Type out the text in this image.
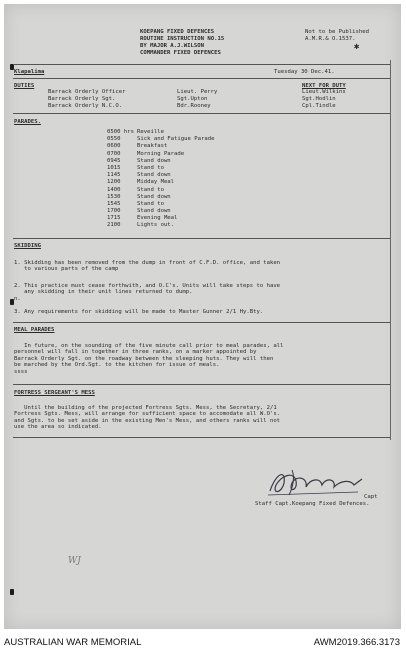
KOEPANG FIXED DEFENCES
ROUTINE INSTRUCTION NO.15
BY MAJOR A.J.WILSON
COMMANDER FIXED DEFENCES
Not to be Published
A.M.R.& O.1537.
✱
Klapalima	Tuesday 30 Dec.41.
DUTIES	NEXT FOR DUTY
Barrack Orderly Officer	Lieut. Perry	Lieut.Wilkins
Barrack Orderly Sgt.	Sgt.Upton	Sgt.Hodlin
Barrack Orderly N.C.O.	Bdr.Rooney	Cpl.Tindle
PARADES.
0500 hrs Reveille
0550	Sick and Fatigue Parade
0600	Breakfast
0700	Morning Parade
0945	Stand down
1015	Stand to
1145	Stand down
1200	Midday Meal
1400	Stand to
1530	Stand down
1545	Stand to
1700	Stand down
1715	Evening Meal
2100	Lights out.
SKIDDING
1. Skidding has been removed from the dump in front of C.F.D. office, and taken
to various parts of the camp
2. This practice must cease forthwith, and O.C's. Units will take steps to have
any skidding in their unit lines returned to dump.
n.
3. Any requirements for skidding will be made to Master Gunner 2/1 Hy.Bty.
MEAL PARADES
In future, on the sounding of the five minute call prior to meal parades, all
personnel will fall in together in three ranks, on a marker appointed by
Barrack Orderly Sgt. on the roadway between the sleeping huts. They will then
be marched by the Ord.Sgt. to the kitchen for issue of meals.
ssss
FORTRESS SERGEANT'S MESS
Until the building of the projected Fortress Sgts. Mess, the Secretary, 2/1
Fortress Sgts. Mess, will arrange for sufficient space to accomodate all W.O's.
and Sgts. to be set aside in the existing Men's Mess, and others ranks will not
use the area so indicated.
Capt
Staff Capt.Koepang Fixed Defences.
WJ
AUSTRALIAN WAR MEMORIAL	AWM2019.366.3173
